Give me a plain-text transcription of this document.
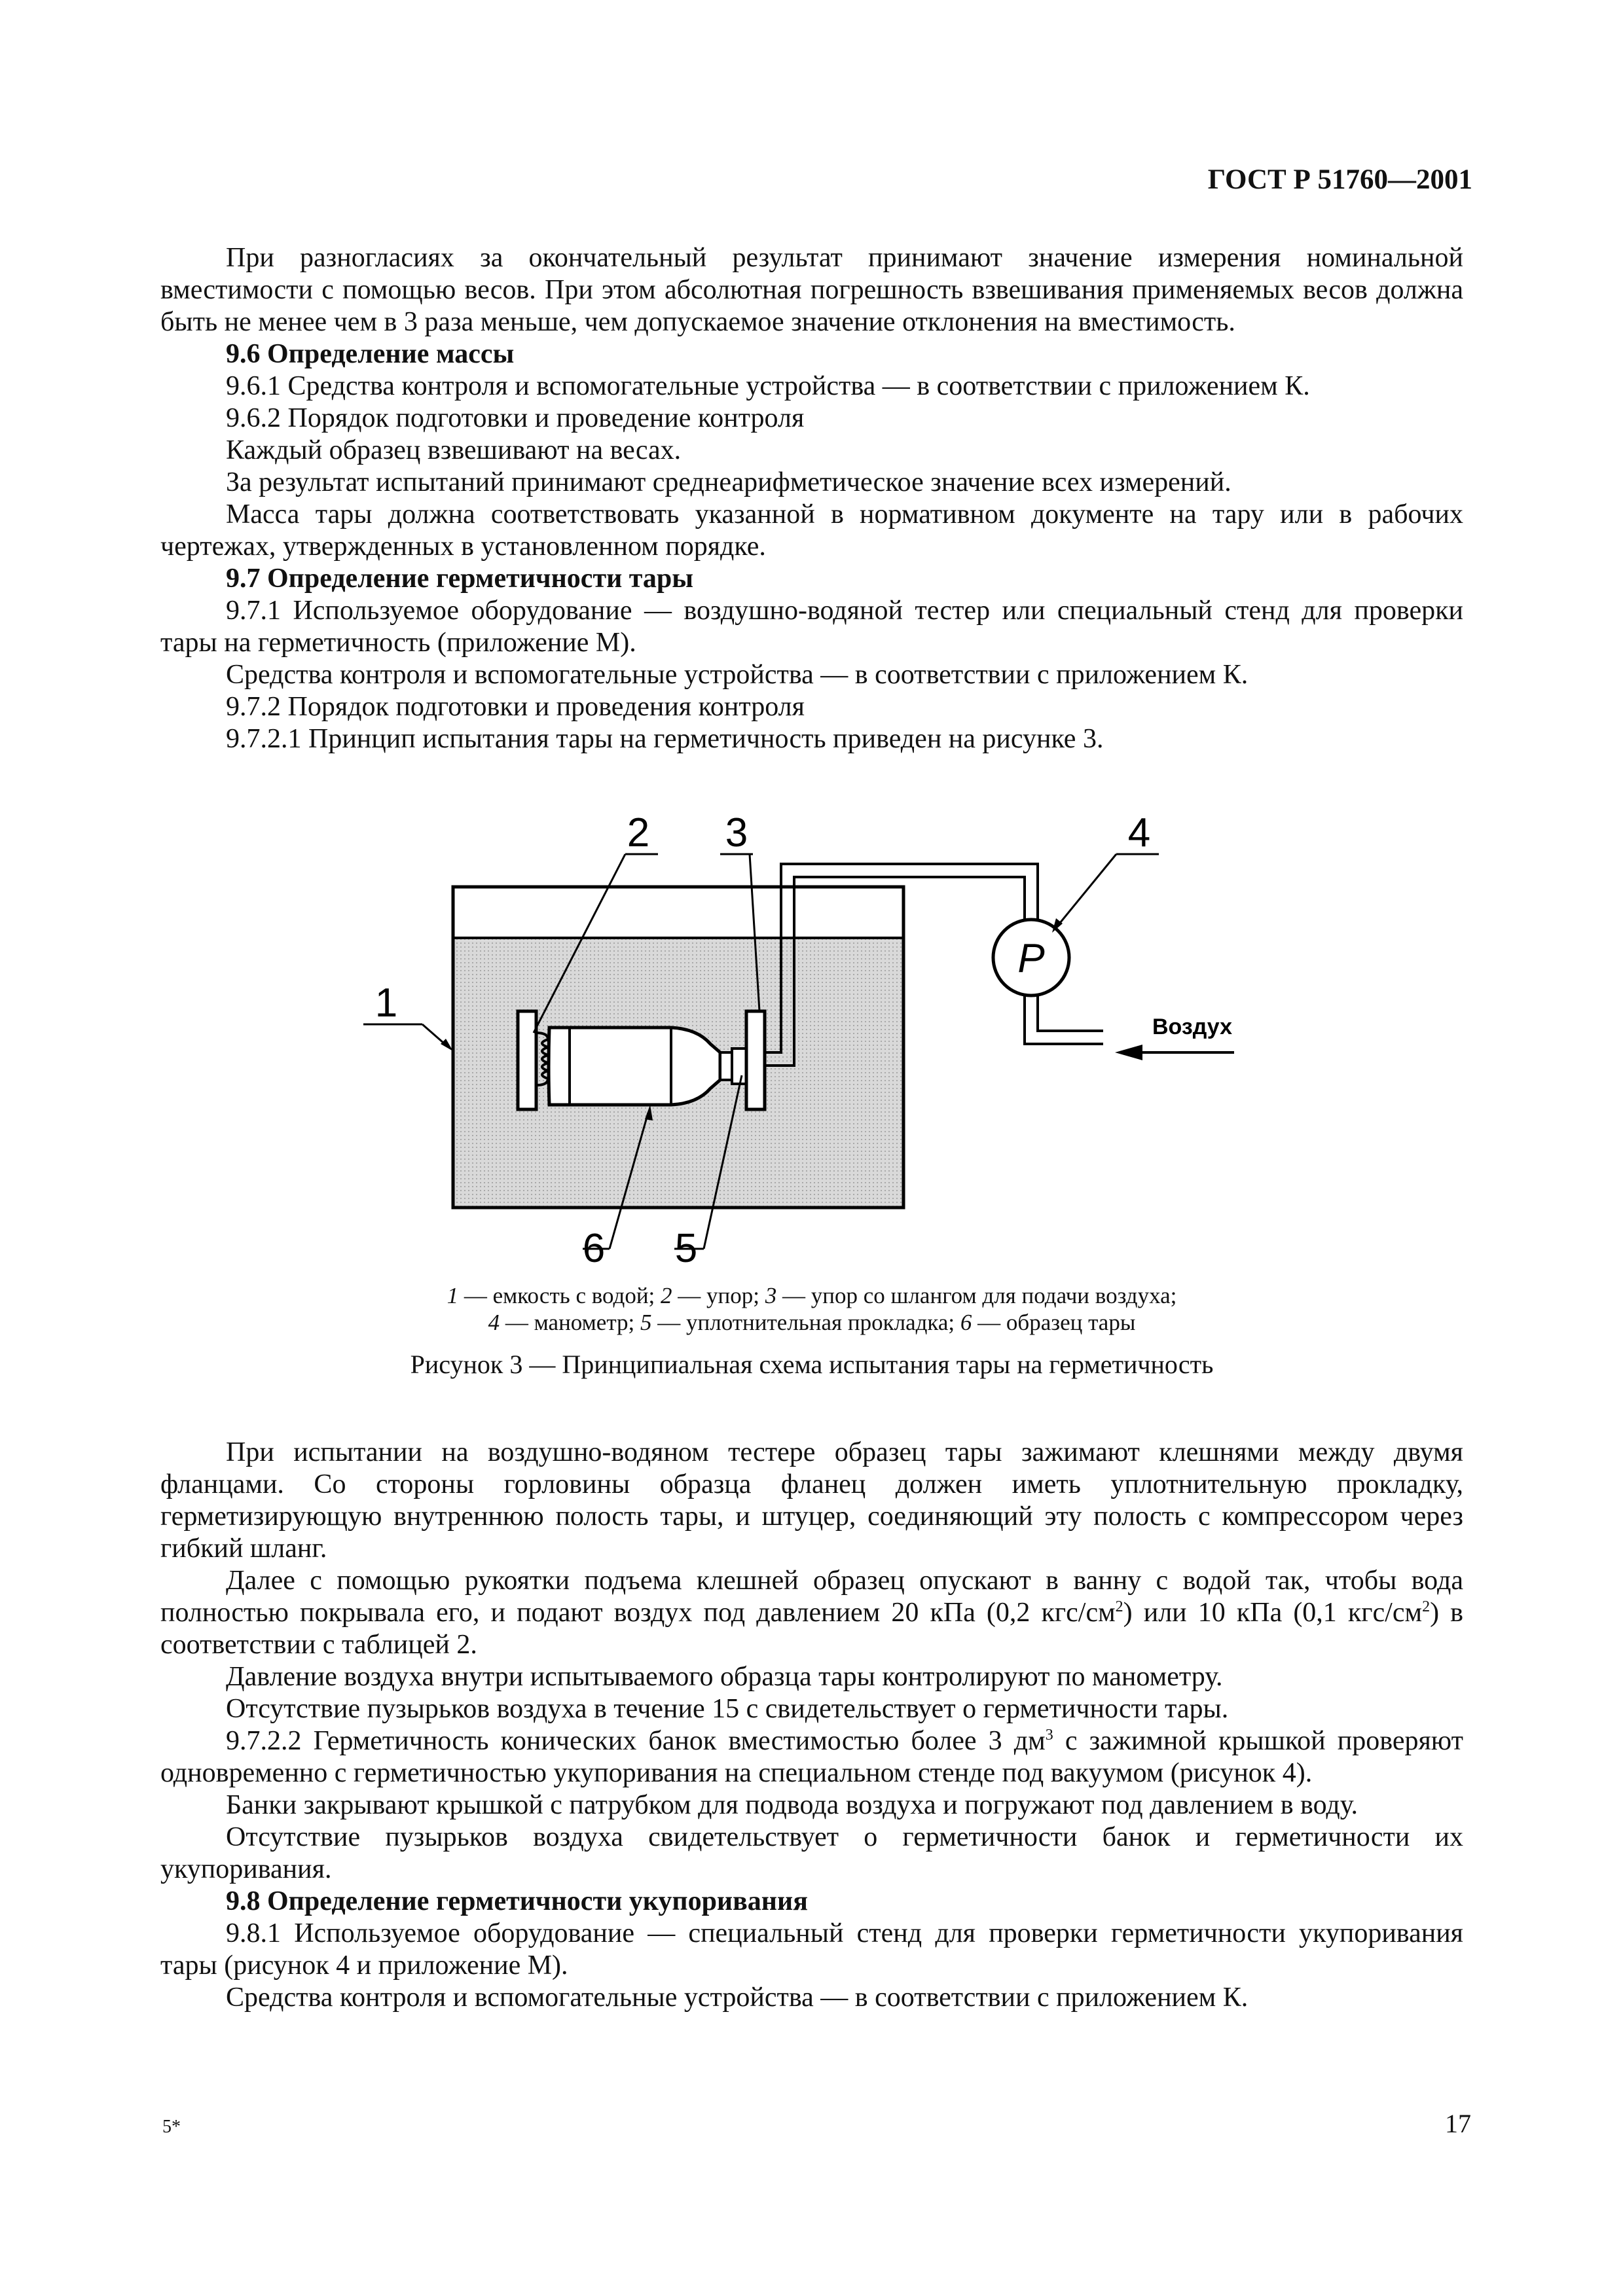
ГОСТ Р 51760—2001

При разногласиях за окончательный результат принимают значение измерения номинальной вместимости с помощью весов. При этом абсолютная погрешность взвешивания применяемых весов должна быть не менее чем в 3 раза меньше, чем допускаемое значение отклонения на вместимость.

9.6 Определение массы

9.6.1 Средства контроля и вспомогательные устройства — в соответствии с приложением К.

9.6.2 Порядок подготовки и проведение контроля

Каждый образец взвешивают на весах.

За результат испытаний принимают среднеарифметическое значение всех измерений.

Масса тары должна соответствовать указанной в нормативном документе на тару или в рабочих чертежах, утвержденных в установленном порядке.

9.7 Определение герметичности тары

9.7.1 Используемое оборудование — воздушно-водяной тестер или специальный стенд для проверки тары на герметичность (приложение М).

Средства контроля и вспомогательные устройства — в соответствии с приложением К.

9.7.2 Порядок подготовки и проведения контроля

9.7.2.1 Принцип испытания тары на герметичность приведен на рисунке 3.

P
Воздух
1
2 3	4
5
6
1 — емкость с водой; 2 — упор; 3 — упор со шлангом для подачи воздуха;
4 — манометр; 5 — уплотнительная прокладка; 6 — образец тары
Рисунок 3 — Принципиальная схема испытания тары на герметичность

При испытании на воздушно-водяном тестере образец тары зажимают клешнями между двумя фланцами. Со стороны горловины образца фланец должен иметь уплотнительную прокладку, герметизирующую внутреннюю полость тары, и штуцер, соединяющий эту полость с компрессором через гибкий шланг.

Далее с помощью рукоятки подъема клешней образец опускают в ванну с водой так, чтобы вода полностью покрывала его, и подают воздух под давлением 20 кПа (0,2 кгс/$см^2$) или 10 кПа (0,1 кгс/$см^2$) в соответствии с таблицей 2.

Давление воздуха внутри испытываемого образца тары контролируют по манометру.

Отсутствие пузырьков воздуха в течение 15 с свидетельствует о герметичности тары.

9.7.2.2 Герметичность конических банок вместимостью более 3 $дм^3$ с зажимной крышкой проверяют одновременно с герметичностью укупоривания на специальном стенде под вакуумом (рисунок 4).

Банки закрывают крышкой с патрубком для подвода воздуха и погружают под давлением в воду.

Отсутствие пузырьков воздуха свидетельствует о герметичности банок и герметичности их укупоривания.

9.8 Определение герметичности укупоривания

9.8.1 Используемое оборудование — специальный стенд для проверки герметичности укупоривания тары (рисунок 4 и приложение М).

Средства контроля и вспомогательные устройства — в соответствии с приложением К.

5*	17
